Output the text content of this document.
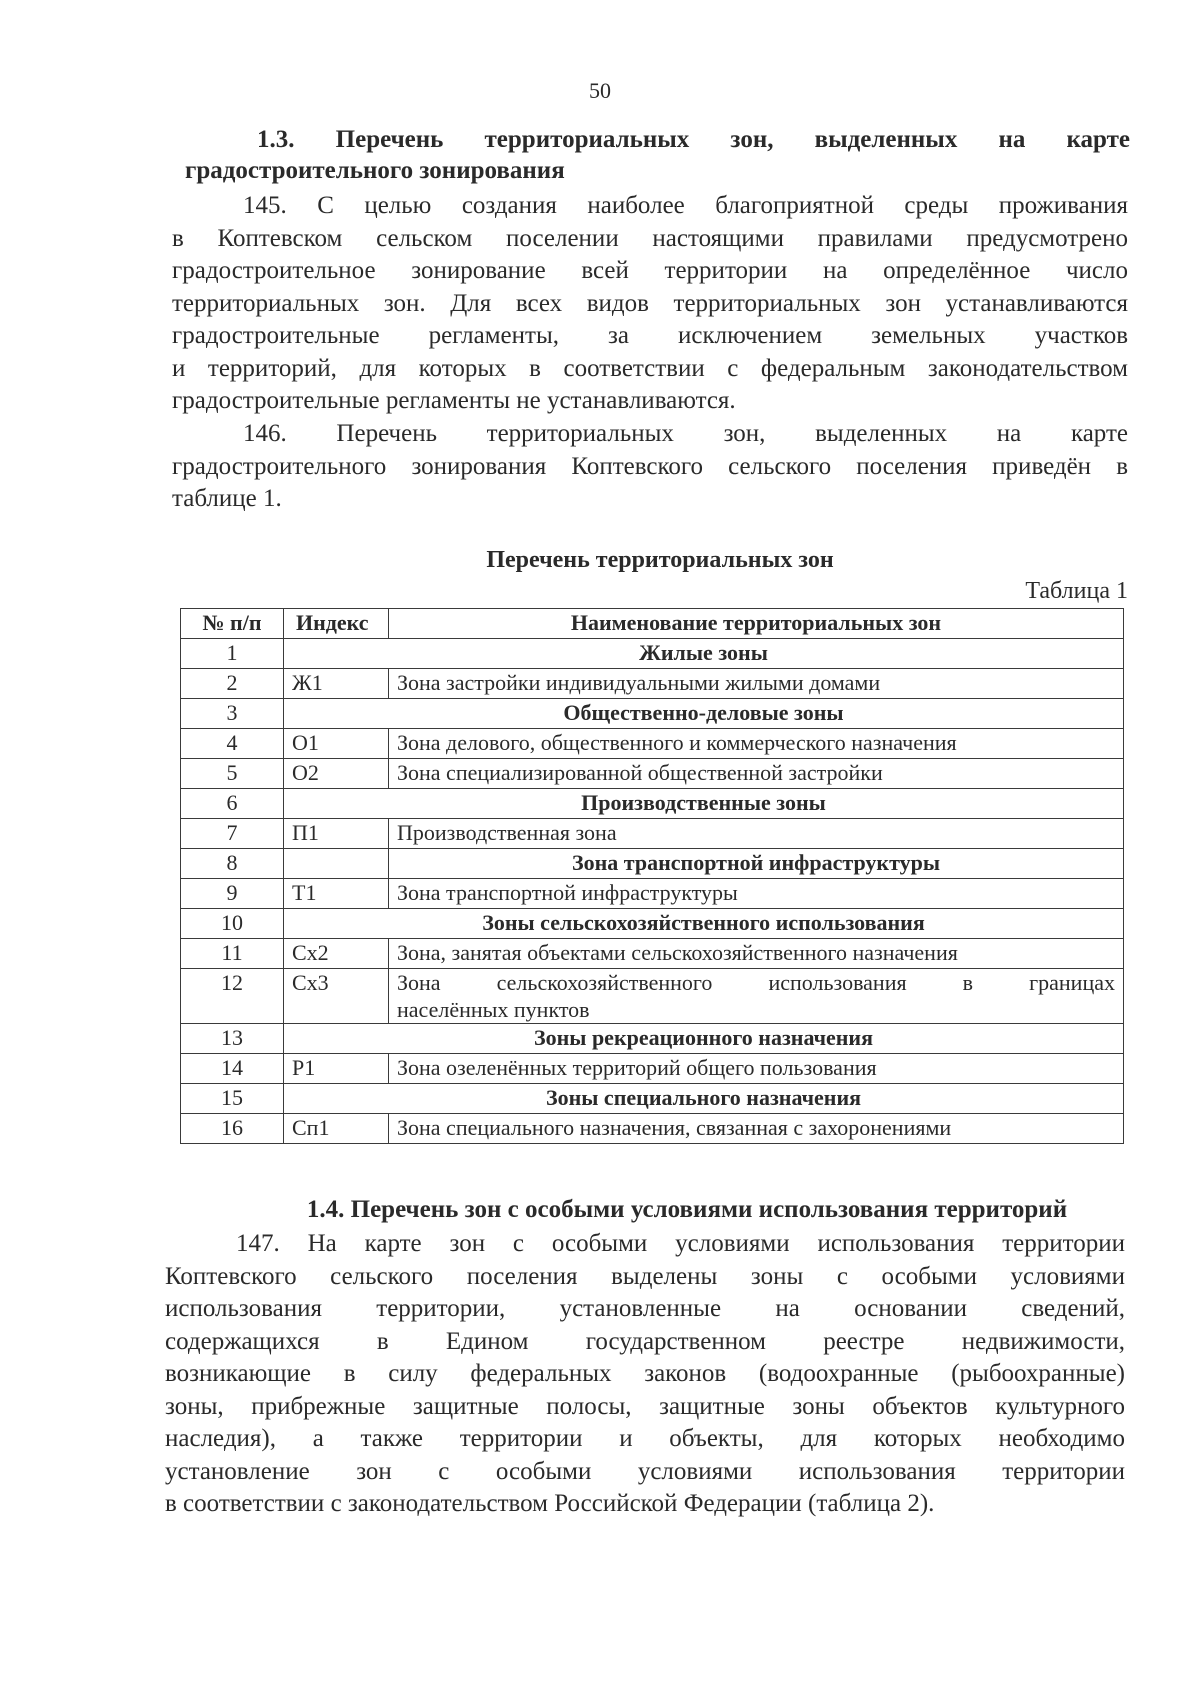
50
1.3. Перечень территориальных зон, выделенных на карте
градостроительного зонирования
145. С целью создания наиболее благоприятной среды проживания
в Коптевском сельском поселении настоящими правилами предусмотрено
градостроительное зонирование всей территории на определённое число
территориальных зон. Для всех видов территориальных зон устанавливаются
градостроительные регламенты, за исключением земельных участков
и территорий, для которых в соответствии с федеральным законодательством
градостроительные регламенты не устанавливаются.
146. Перечень территориальных зон, выделенных на карте
градостроительного зонирования Коптевского сельского поселения приведён в
таблице 1.
Перечень территориальных зон
Таблица 1
№ п/п	Индекс	Наименование территориальных зон
1	Жилые зоны	
2	Ж1	Зона застройки индивидуальными жилыми домами
3	Общественно-деловые зоны	
4	О1	Зона делового, общественного и коммерческого назначения
5	О2	Зона специализированной общественной застройки
6	Производственные зоны	
7	П1	Производственная зона
8		Зона транспортной инфраструктуры
9	Т1	Зона транспортной инфраструктуры
10	Зоны сельскохозяйственного использования	
11	Сх2	Зона, занятая объектами сельскохозяйственного назначения
12	Сх3	Зона сельскохозяйственного использования в границах
населённых пунктов

13	Зоны рекреационного назначения	
14	Р1	Зона озеленённых территорий общего пользования
15	Зоны специального назначения	
16	Сп1	Зона специального назначения, связанная с захоронениями
1.4. Перечень зон с особыми условиями использования территорий
147. На карте зон с особыми условиями использования территории
Коптевского сельского поселения выделены зоны с особыми условиями
использования территории, установленные на основании сведений,
содержащихся в Едином государственном реестре недвижимости,
возникающие в силу федеральных законов (водоохранные (рыбоохранные)
зоны, прибрежные защитные полосы, защитные зоны объектов культурного
наследия), а также территории и объекты, для которых необходимо
установление зон с особыми условиями использования территории
в соответствии с законодательством Российской Федерации (таблица 2).
